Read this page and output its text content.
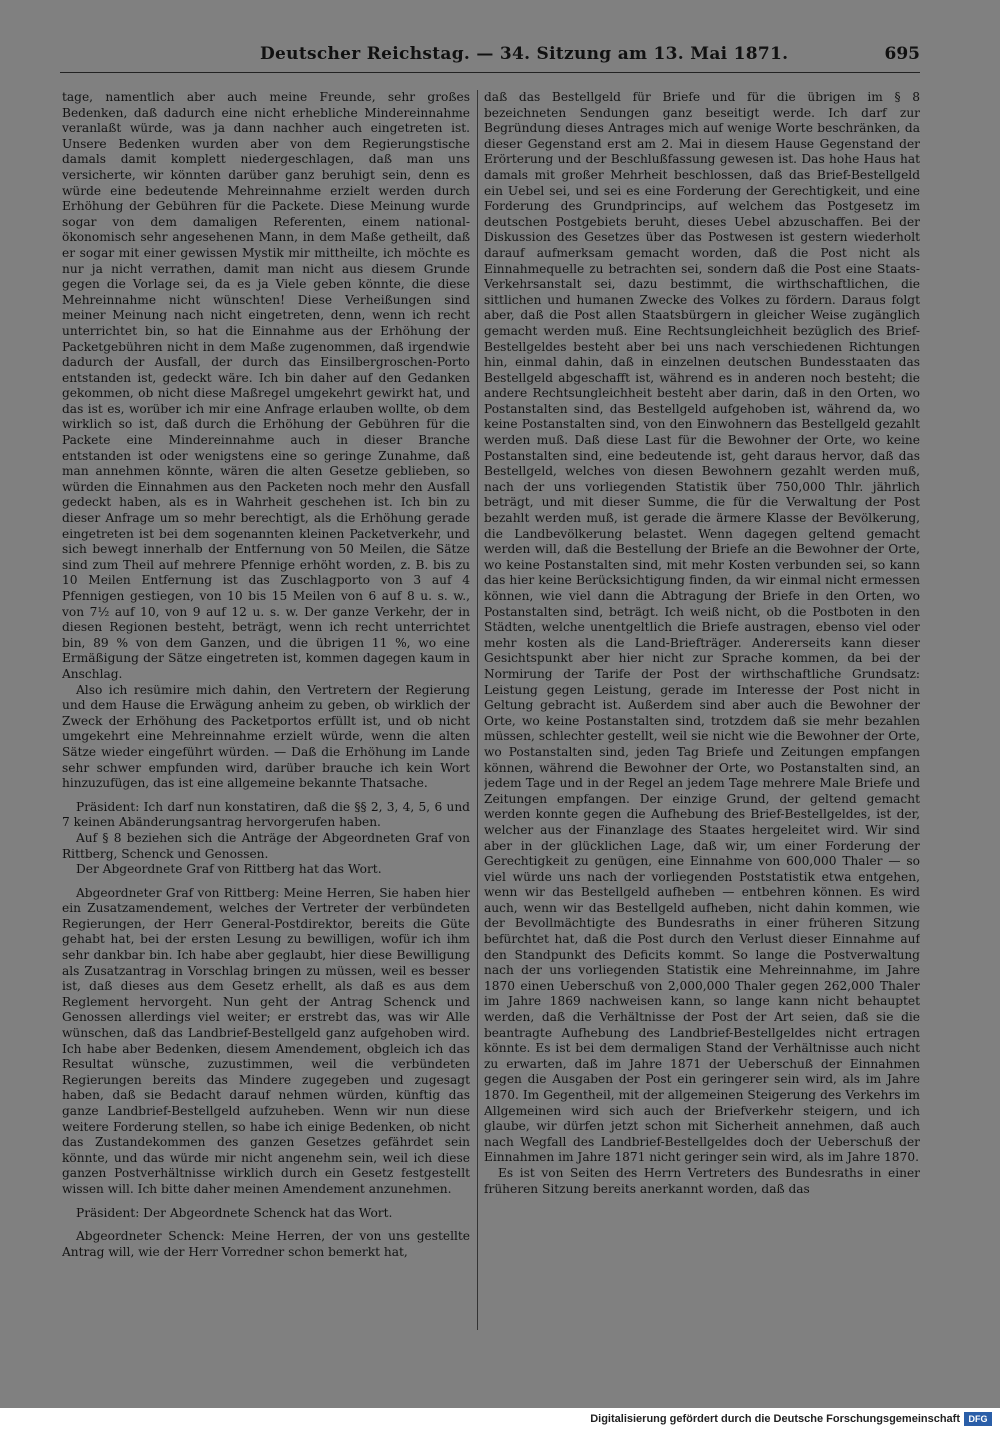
Deutscher Reichstag. — 34. Sitzung am 13. Mai 1871.	695

tage, namentlich aber auch meine Freunde, sehr großes Bedenken, daß dadurch eine nicht erhebliche Mindereinnahme veranlaßt würde, was ja dann nachher auch eingetreten ist. Unsere Bedenken wurden aber von dem Regierungstische damals damit komplett niedergeschlagen, daß man uns versicherte, wir könnten darüber ganz beruhigt sein, denn es würde eine bedeutende Mehreinnahme erzielt werden durch Erhöhung der Gebühren für die Packete. Diese Meinung wurde sogar von dem damaligen Referenten, einem national-ökonomisch sehr angesehenen Mann, in dem Maße getheilt, daß er sogar mit einer gewissen Mystik mir mittheilte, ich möchte es nur ja nicht verrathen, damit man nicht aus diesem Grunde gegen die Vorlage sei, da es ja Viele geben könnte, die diese Mehreinnahme nicht wünschten! Diese Verheißungen sind meiner Meinung nach nicht eingetreten, denn, wenn ich recht unterrichtet bin, so hat die Einnahme aus der Erhöhung der Packetgebühren nicht in dem Maße zugenommen, daß irgendwie dadurch der Ausfall, der durch das Einsilbergroschen-Porto entstanden ist, gedeckt wäre. Ich bin daher auf den Gedanken gekommen, ob nicht diese Maßregel umgekehrt gewirkt hat, und das ist es, worüber ich mir eine Anfrage erlauben wollte, ob dem wirklich so ist, daß durch die Erhöhung der Gebühren für die Packete eine Mindereinnahme auch in dieser Branche entstanden ist oder wenigstens eine so geringe Zunahme, daß man annehmen könnte, wären die alten Gesetze geblieben, so würden die Einnahmen aus den Packeten noch mehr den Ausfall gedeckt haben, als es in Wahrheit geschehen ist. Ich bin zu dieser Anfrage um so mehr berechtigt, als die Erhöhung gerade eingetreten ist bei dem sogenannten kleinen Packetverkehr, und sich bewegt innerhalb der Entfernung von 50 Meilen, die Sätze sind zum Theil auf mehrere Pfennige erhöht worden, z. B. bis zu 10 Meilen Entfernung ist das Zuschlagporto von 3 auf 4 Pfennigen gestiegen, von 10 bis 15 Meilen von 6 auf 8 u. s. w., von 7½ auf 10, von 9 auf 12 u. s. w. Der ganze Verkehr, der in diesen Regionen besteht, beträgt, wenn ich recht unterrichtet bin, 89 % von dem Ganzen, und die übrigen 11 %, wo eine Ermäßigung der Sätze eingetreten ist, kommen dagegen kaum in Anschlag.

Also ich resümire mich dahin, den Vertretern der Regierung und dem Hause die Erwägung anheim zu geben, ob wirklich der Zweck der Erhöhung des Packetportos erfüllt ist, und ob nicht umgekehrt eine Mehreinnahme erzielt würde, wenn die alten Sätze wieder eingeführt würden. — Daß die Erhöhung im Lande sehr schwer empfunden wird, darüber brauche ich kein Wort hinzuzufügen, das ist eine allgemeine bekannte Thatsache.

Präsident: Ich darf nun konstatiren, daß die §§ 2, 3, 4, 5, 6 und 7 keinen Abänderungsantrag hervorgerufen haben.

Auf § 8 beziehen sich die Anträge der Abgeordneten Graf von Rittberg, Schenck und Genossen.

Der Abgeordnete Graf von Rittberg hat das Wort.

Abgeordneter Graf von Rittberg: Meine Herren, Sie haben hier ein Zusatzamendement, welches der Vertreter der verbündeten Regierungen, der Herr General-Postdirektor, bereits die Güte gehabt hat, bei der ersten Lesung zu bewilligen, wofür ich ihm sehr dankbar bin. Ich habe aber geglaubt, hier diese Bewilligung als Zusatzantrag in Vorschlag bringen zu müssen, weil es besser ist, daß dieses aus dem Gesetz erhellt, als daß es aus dem Reglement hervorgeht. Nun geht der Antrag Schenck und Genossen allerdings viel weiter; er erstrebt das, was wir Alle wünschen, daß das Landbrief-Bestellgeld ganz aufgehoben wird. Ich habe aber Bedenken, diesem Amendement, obgleich ich das Resultat wünsche, zuzustimmen, weil die verbündeten Regierungen bereits das Mindere zugegeben und zugesagt haben, daß sie Bedacht darauf nehmen würden, künftig das ganze Landbrief-Bestellgeld aufzuheben. Wenn wir nun diese weitere Forderung stellen, so habe ich einige Bedenken, ob nicht das Zustandekommen des ganzen Gesetzes gefährdet sein könnte, und das würde mir nicht angenehm sein, weil ich diese ganzen Postverhältnisse wirklich durch ein Gesetz festgestellt wissen will. Ich bitte daher meinen Amendement anzunehmen.

Präsident: Der Abgeordnete Schenck hat das Wort.

Abgeordneter Schenck: Meine Herren, der von uns gestellte Antrag will, wie der Herr Vorredner schon bemerkt hat,

daß das Bestellgeld für Briefe und für die übrigen im § 8 bezeichneten Sendungen ganz beseitigt werde. Ich darf zur Begründung dieses Antrages mich auf wenige Worte beschränken, da dieser Gegenstand erst am 2. Mai in diesem Hause Gegenstand der Erörterung und der Beschlußfassung gewesen ist. Das hohe Haus hat damals mit großer Mehrheit beschlossen, daß das Brief-Bestellgeld ein Uebel sei, und sei es eine Forderung der Gerechtigkeit, und eine Forderung des Grundprincips, auf welchem das Postgesetz im deutschen Postgebiets beruht, dieses Uebel abzuschaffen. Bei der Diskussion des Gesetzes über das Postwesen ist gestern wiederholt darauf aufmerksam gemacht worden, daß die Post nicht als Einnahmequelle zu betrachten sei, sondern daß die Post eine Staats-Verkehrsanstalt sei, dazu bestimmt, die wirthschaftlichen, die sittlichen und humanen Zwecke des Volkes zu fördern. Daraus folgt aber, daß die Post allen Staatsbürgern in gleicher Weise zugänglich gemacht werden muß. Eine Rechtsungleichheit bezüglich des Brief-Bestellgeldes besteht aber bei uns nach verschiedenen Richtungen hin, einmal dahin, daß in einzelnen deutschen Bundesstaaten das Bestellgeld abgeschafft ist, während es in anderen noch besteht; die andere Rechtsungleichheit besteht aber darin, daß in den Orten, wo Postanstalten sind, das Bestellgeld aufgehoben ist, während da, wo keine Postanstalten sind, von den Einwohnern das Bestellgeld gezahlt werden muß. Daß diese Last für die Bewohner der Orte, wo keine Postanstalten sind, eine bedeutende ist, geht daraus hervor, daß das Bestellgeld, welches von diesen Bewohnern gezahlt werden muß, nach der uns vorliegenden Statistik über 750,000 Thlr. jährlich beträgt, und mit dieser Summe, die für die Verwaltung der Post bezahlt werden muß, ist gerade die ärmere Klasse der Bevölkerung, die Landbevölkerung belastet. Wenn dagegen geltend gemacht werden will, daß die Bestellung der Briefe an die Bewohner der Orte, wo keine Postanstalten sind, mit mehr Kosten verbunden sei, so kann das hier keine Berücksichtigung finden, da wir einmal nicht ermessen können, wie viel dann die Abtragung der Briefe in den Orten, wo Postanstalten sind, beträgt. Ich weiß nicht, ob die Postboten in den Städten, welche unentgeltlich die Briefe austragen, ebenso viel oder mehr kosten als die Land-Briefträger. Andererseits kann dieser Gesichtspunkt aber hier nicht zur Sprache kommen, da bei der Normirung der Tarife der Post der wirthschaftliche Grundsatz: Leistung gegen Leistung, gerade im Interesse der Post nicht in Geltung gebracht ist. Außerdem sind aber auch die Bewohner der Orte, wo keine Postanstalten sind, trotzdem daß sie mehr bezahlen müssen, schlechter gestellt, weil sie nicht wie die Bewohner der Orte, wo Postanstalten sind, jeden Tag Briefe und Zeitungen empfangen können, während die Bewohner der Orte, wo Postanstalten sind, an jedem Tage und in der Regel an jedem Tage mehrere Male Briefe und Zeitungen empfangen. Der einzige Grund, der geltend gemacht werden konnte gegen die Aufhebung des Brief-Bestellgeldes, ist der, welcher aus der Finanzlage des Staates hergeleitet wird. Wir sind aber in der glücklichen Lage, daß wir, um einer Forderung der Gerechtigkeit zu genügen, eine Einnahme von 600,000 Thaler — so viel würde uns nach der vorliegenden Poststatistik etwa entgehen, wenn wir das Bestellgeld aufheben — entbehren können. Es wird auch, wenn wir das Bestellgeld aufheben, nicht dahin kommen, wie der Bevollmächtigte des Bundesraths in einer früheren Sitzung befürchtet hat, daß die Post durch den Verlust dieser Einnahme auf den Standpunkt des Deficits kommt. So lange die Postverwaltung nach der uns vorliegenden Statistik eine Mehreinnahme, im Jahre 1870 einen Ueberschuß von 2,000,000 Thaler gegen 262,000 Thaler im Jahre 1869 nachweisen kann, so lange kann nicht behauptet werden, daß die Verhältnisse der Post der Art seien, daß sie die beantragte Aufhebung des Landbrief-Bestellgeldes nicht ertragen könnte. Es ist bei dem dermaligen Stand der Verhältnisse auch nicht zu erwarten, daß im Jahre 1871 der Ueberschuß der Einnahmen gegen die Ausgaben der Post ein geringerer sein wird, als im Jahre 1870. Im Gegentheil, mit der allgemeinen Steigerung des Verkehrs im Allgemeinen wird sich auch der Briefverkehr steigern, und ich glaube, wir dürfen jetzt schon mit Sicherheit annehmen, daß auch nach Wegfall des Landbrief-Bestellgeldes doch der Ueberschuß der Einnahmen im Jahre 1871 nicht geringer sein wird, als im Jahre 1870.

Es ist von Seiten des Herrn Vertreters des Bundesraths in einer früheren Sitzung bereits anerkannt worden, daß das

Digitalisierung gefördert durch die Deutsche Forschungsgemeinschaft DFG
